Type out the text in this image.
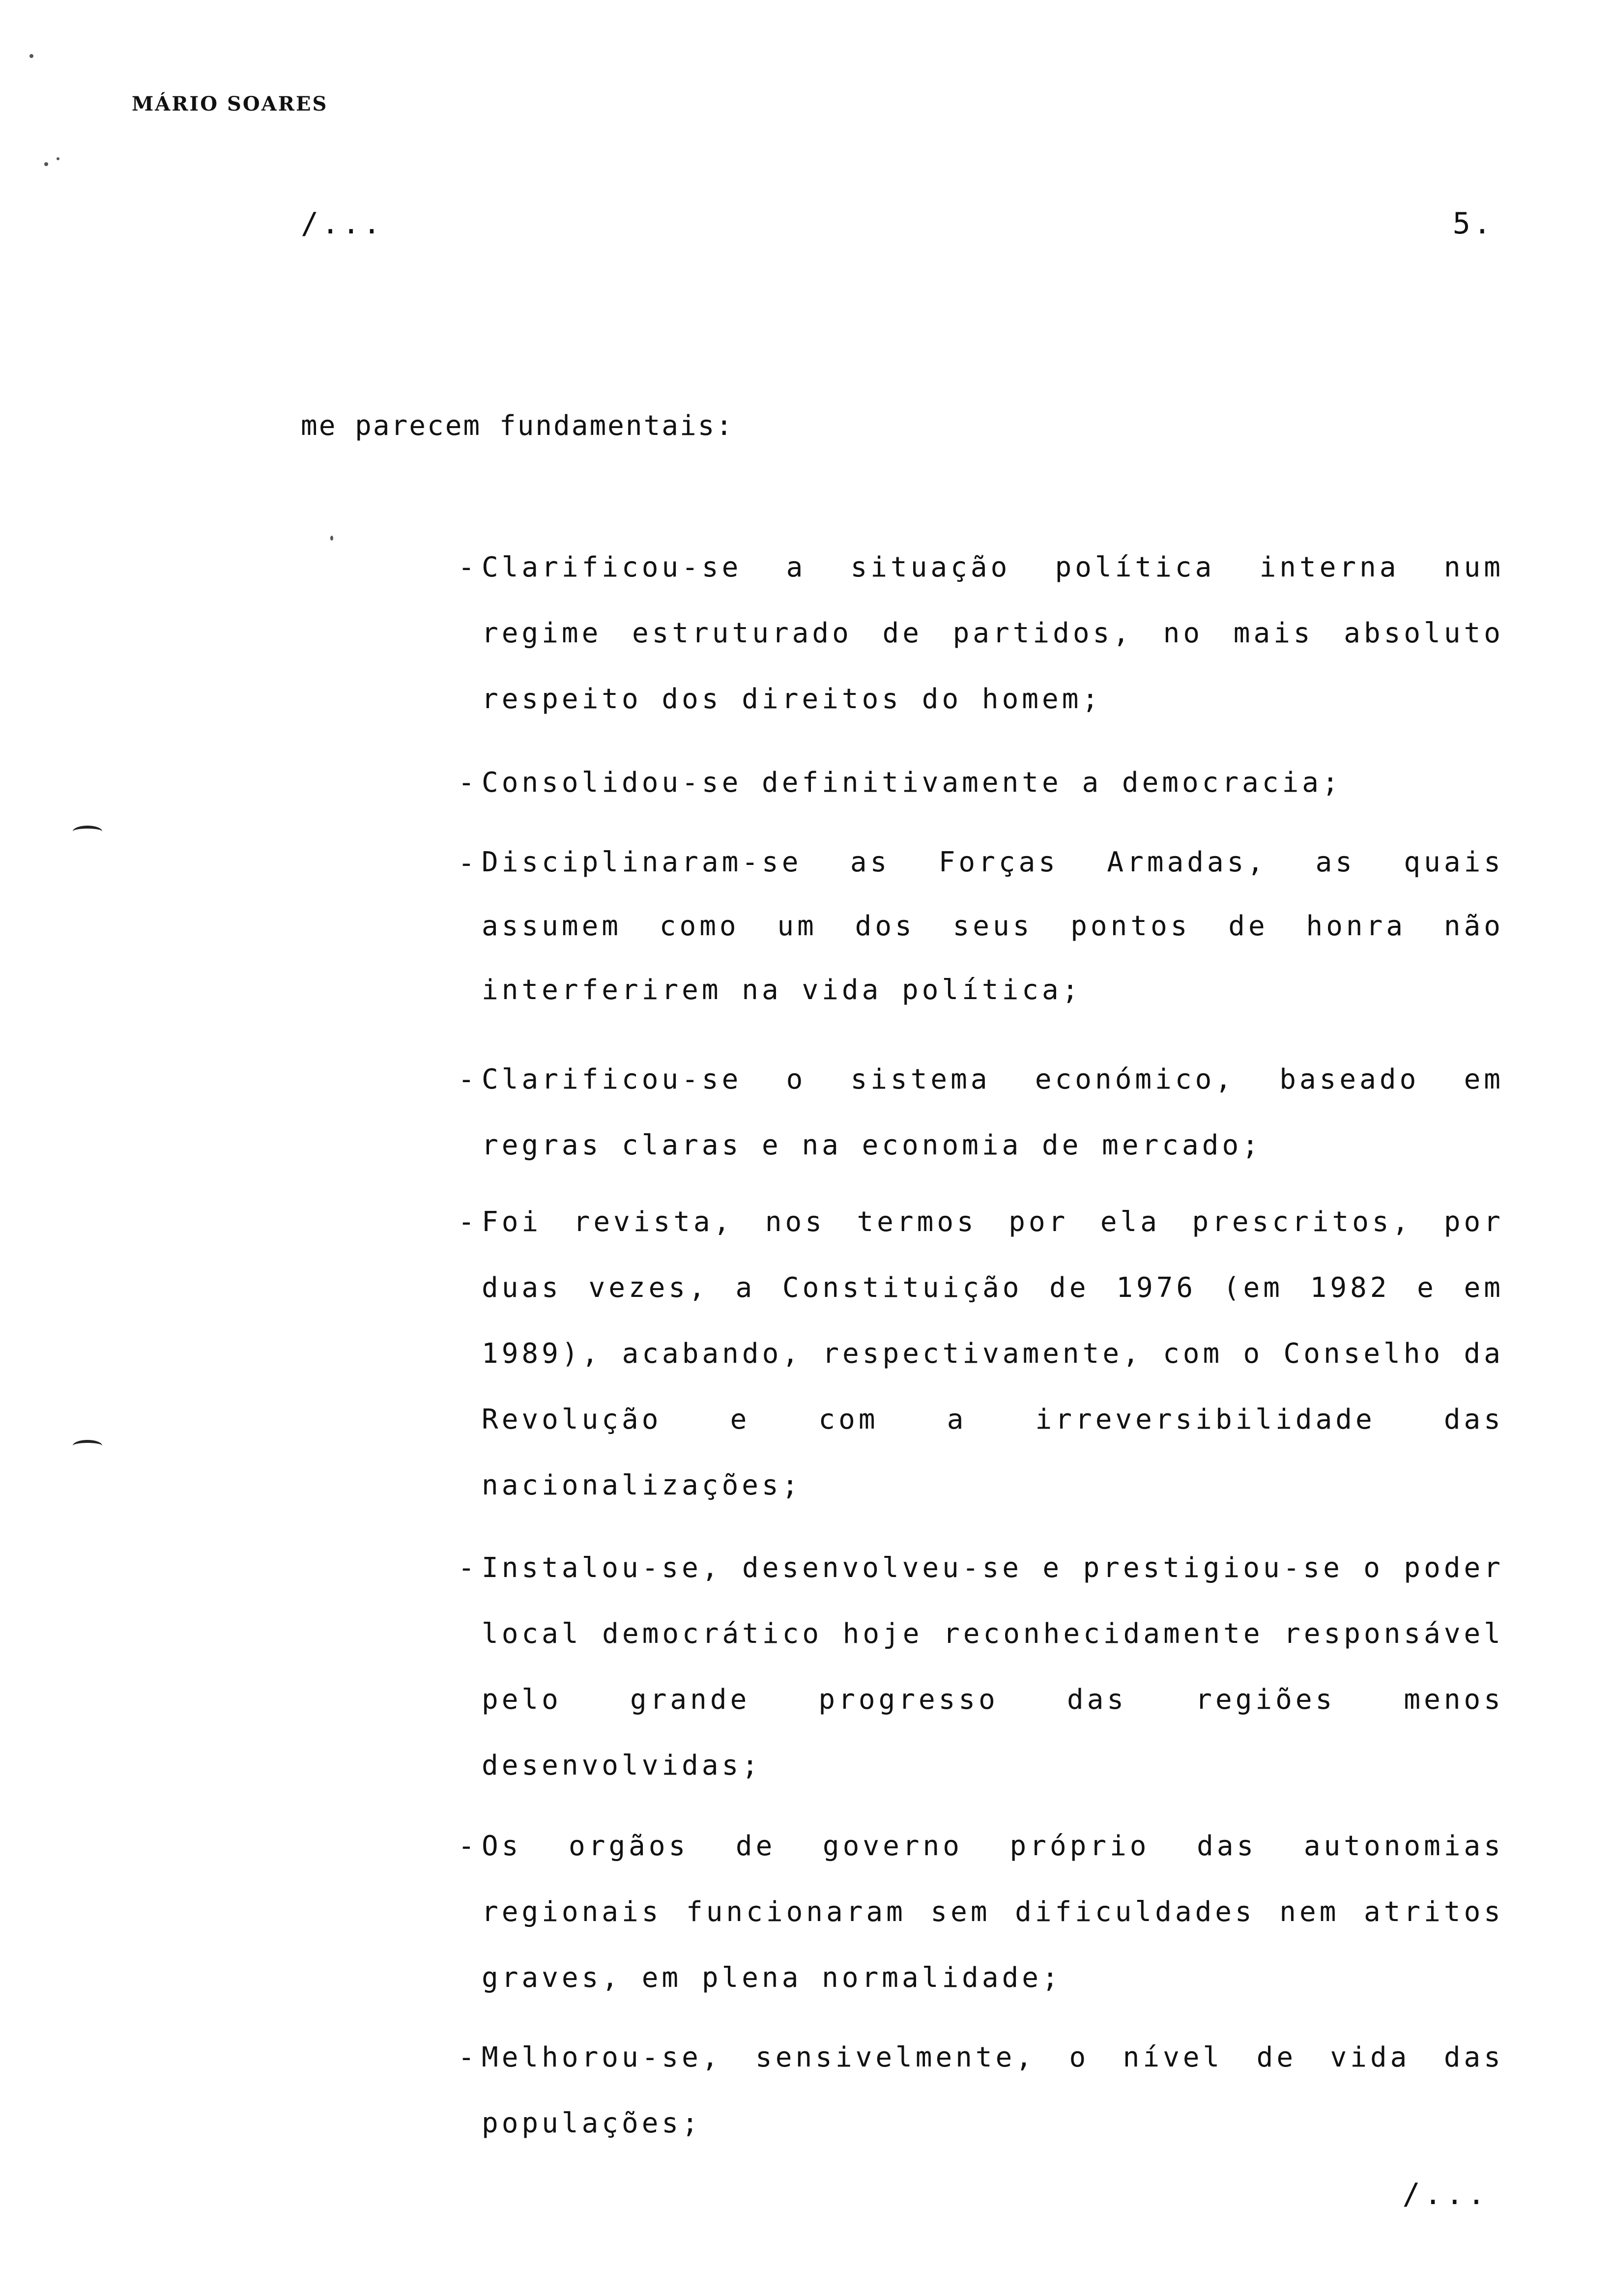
MÁRIO SOARES
/...	5.
me parecem fundamentais:
- Clarificou-se a situação política interna num regime estruturado de partidos, no mais absoluto respeito dos direitos do homem;

- Consolidou-se definitivamente a democracia;

- Disciplinaram-se as Forças Armadas, as quais assumem como um dos seus pontos de honra não interferirem na vida política;

- Clarificou-se o sistema económico, baseado em regras claras e na economia de mercado;

- Foi revista, nos termos por ela prescritos, por duas vezes, a Constituição de 1976 (em 1982 e em 1989), acabando, respectivamente, com o Conselho da Revolução e com a irreversibilidade das nacionalizações;

- Instalou-se, desenvolveu-se e prestigiou-se o poder local democrático hoje reconhecidamente responsável pelo grande progresso das regiões menos desenvolvidas;

- Os orgãos de governo próprio das autonomias regionais funcionaram sem dificuldades nem atritos graves, em plena normalidade;

- Melhorou-se, sensivelmente, o nível de vida das populações;

/...
